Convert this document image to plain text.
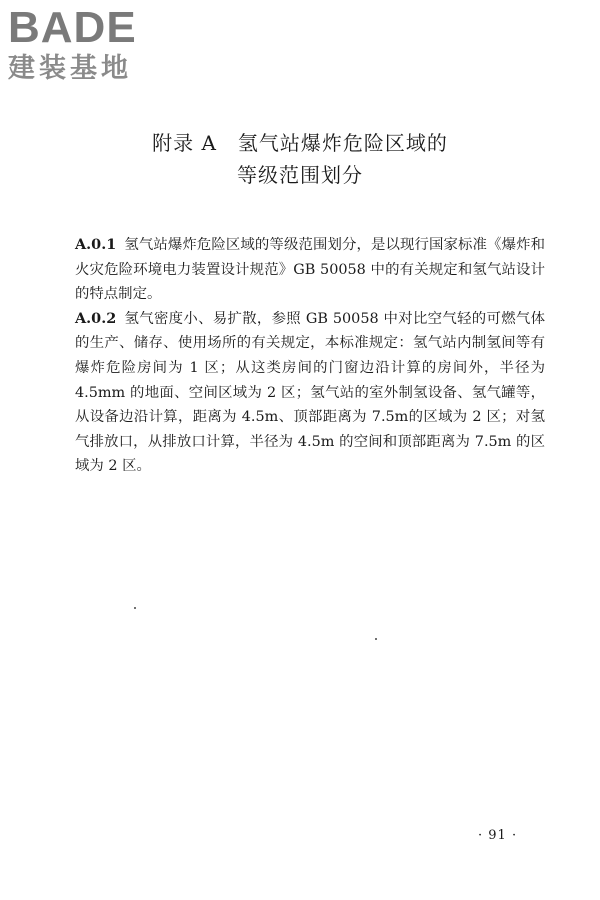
BADE
建装基地
附录 A　氢气站爆炸危险区域的
等级范围划分

A.0.1 氢气站爆炸危险区域的等级范围划分，是以现行国家标准《爆炸和火灾危险环境电力装置设计规范》GB 50058 中的有关规定和氢气站设计的特点制定。

A.0.2 氢气密度小、易扩散，参照 GB 50058 中对比空气轻的可燃气体的生产、储存、使用场所的有关规定，本标准规定：氢气站内制氢间等有爆炸危险房间为 1 区；从这类房间的门窗边沿计算的房间外，半径为 4.5mm 的地面、空间区域为 2 区；氢气站的室外制氢设备、氢气罐等，从设备边沿计算，距离为 4.5m、顶部距离为 7.5m的区域为 2 区；对氢气排放口，从排放口计算，半径为 4.5m 的空间和顶部距离为 7.5m 的区域为 2 区。

· 91 ·
